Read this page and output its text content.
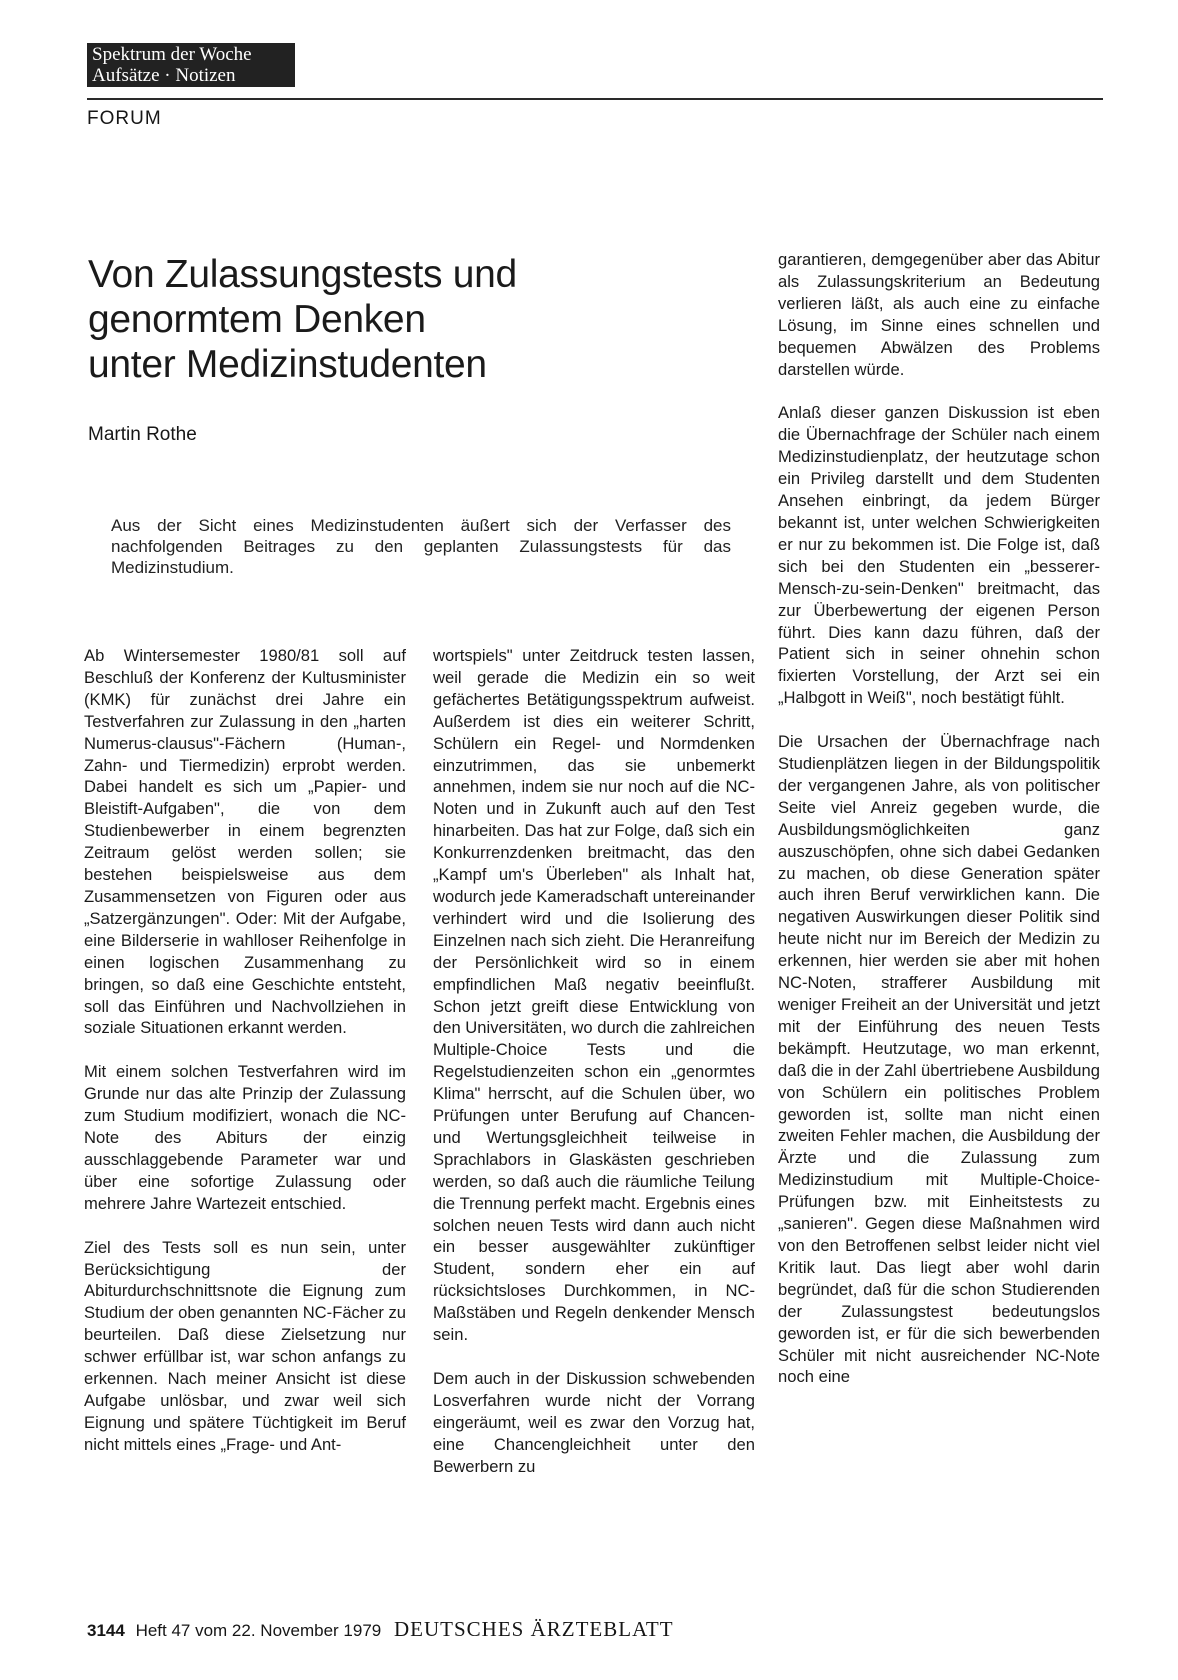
Spektrum der Woche
Aufsätze · Notizen
FORUM
Von Zulassungstests und
genormtem Denken
unter Medizinstudenten
Martin Rothe

Aus der Sicht eines Medizinstudenten äußert sich der Verfasser des nachfolgenden Beitrages zu den geplanten Zulassungstests für das Medizinstudium.

Ab Wintersemester 1980/81 soll auf Beschluß der Konferenz der Kultusminister (KMK) für zunächst drei Jahre ein Testverfahren zur Zulassung in den „harten Numerus-clausus"-Fächern (Human-, Zahn- und Tiermedizin) erprobt werden. Dabei handelt es sich um „Papier- und Bleistift-Aufgaben", die von dem Studienbewerber in einem begrenzten Zeitraum gelöst werden sollen; sie bestehen beispielsweise aus dem Zusammensetzen von Figuren oder aus „Satzergänzungen". Oder: Mit der Aufgabe, eine Bilderserie in wahlloser Reihenfolge in einen logischen Zusammenhang zu bringen, so daß eine Geschichte entsteht, soll das Einführen und Nachvollziehen in soziale Situationen erkannt werden.

Mit einem solchen Testverfahren wird im Grunde nur das alte Prinzip der Zulassung zum Studium modifiziert, wonach die NC-Note des Abiturs der einzig ausschlaggebende Parameter war und über eine sofortige Zulassung oder mehrere Jahre Wartezeit entschied.

Ziel des Tests soll es nun sein, unter Berücksichtigung der Abiturdurchschnittsnote die Eignung zum Studium der oben genannten NC-Fächer zu beurteilen. Daß diese Zielsetzung nur schwer erfüllbar ist, war schon anfangs zu erkennen. Nach meiner Ansicht ist diese Aufgabe unlösbar, und zwar weil sich Eignung und spätere Tüchtigkeit im Beruf nicht mittels eines „Frage- und Ant-

wortspiels" unter Zeitdruck testen lassen, weil gerade die Medizin ein so weit gefächertes Betätigungsspektrum aufweist. Außerdem ist dies ein weiterer Schritt, Schülern ein Regel- und Normdenken einzutrimmen, das sie unbemerkt annehmen, indem sie nur noch auf die NC-Noten und in Zukunft auch auf den Test hinarbeiten. Das hat zur Folge, daß sich ein Konkurrenzdenken breitmacht, das den „Kampf um's Überleben" als Inhalt hat, wodurch jede Kameradschaft untereinander verhindert wird und die Isolierung des Einzelnen nach sich zieht. Die Heranreifung der Persönlichkeit wird so in einem empfindlichen Maß negativ beeinflußt. Schon jetzt greift diese Entwicklung von den Universitäten, wo durch die zahlreichen Multiple-Choice Tests und die Regelstudienzeiten schon ein „genormtes Klima" herrscht, auf die Schulen über, wo Prüfungen unter Berufung auf Chancen- und Wertungsgleichheit teilweise in Sprachlabors in Glaskästen geschrieben werden, so daß auch die räumliche Teilung die Trennung perfekt macht. Ergebnis eines solchen neuen Tests wird dann auch nicht ein besser ausgewählter zukünftiger Student, sondern eher ein auf rücksichtsloses Durchkommen, in NC-Maßstäben und Regeln denkender Mensch sein.

Dem auch in der Diskussion schwebenden Losverfahren wurde nicht der Vorrang eingeräumt, weil es zwar den Vorzug hat, eine Chancengleichheit unter den Bewerbern zu

garantieren, demgegenüber aber das Abitur als Zulassungskriterium an Bedeutung verlieren läßt, als auch eine zu einfache Lösung, im Sinne eines schnellen und bequemen Abwälzen des Problems darstellen würde.

Anlaß dieser ganzen Diskussion ist eben die Übernachfrage der Schüler nach einem Medizinstudienplatz, der heutzutage schon ein Privileg darstellt und dem Studenten Ansehen einbringt, da jedem Bürger bekannt ist, unter welchen Schwierigkeiten er nur zu bekommen ist. Die Folge ist, daß sich bei den Studenten ein „besserer-Mensch-zu-sein-Denken" breitmacht, das zur Überbewertung der eigenen Person führt. Dies kann dazu führen, daß der Patient sich in seiner ohnehin schon fixierten Vorstellung, der Arzt sei ein „Halbgott in Weiß", noch bestätigt fühlt.

Die Ursachen der Übernachfrage nach Studienplätzen liegen in der Bildungspolitik der vergangenen Jahre, als von politischer Seite viel Anreiz gegeben wurde, die Ausbildungsmöglichkeiten ganz auszuschöpfen, ohne sich dabei Gedanken zu machen, ob diese Generation später auch ihren Beruf verwirklichen kann. Die negativen Auswirkungen dieser Politik sind heute nicht nur im Bereich der Medizin zu erkennen, hier werden sie aber mit hohen NC-Noten, strafferer Ausbildung mit weniger Freiheit an der Universität und jetzt mit der Einführung des neuen Tests bekämpft. Heutzutage, wo man erkennt, daß die in der Zahl übertriebene Ausbildung von Schülern ein politisches Problem geworden ist, sollte man nicht einen zweiten Fehler machen, die Ausbildung der Ärzte und die Zulassung zum Medizinstudium mit Multiple-Choice-Prüfungen bzw. mit Einheitstests zu „sanieren". Gegen diese Maßnahmen wird von den Betroffenen selbst leider nicht viel Kritik laut. Das liegt aber wohl darin begründet, daß für die schon Studierenden der Zulassungstest bedeutungslos geworden ist, er für die sich bewerbenden Schüler mit nicht ausreichender NC-Note noch eine

3144 Heft 47 vom 22. November 1979 DEUTSCHES ÄRZTEBLATT
